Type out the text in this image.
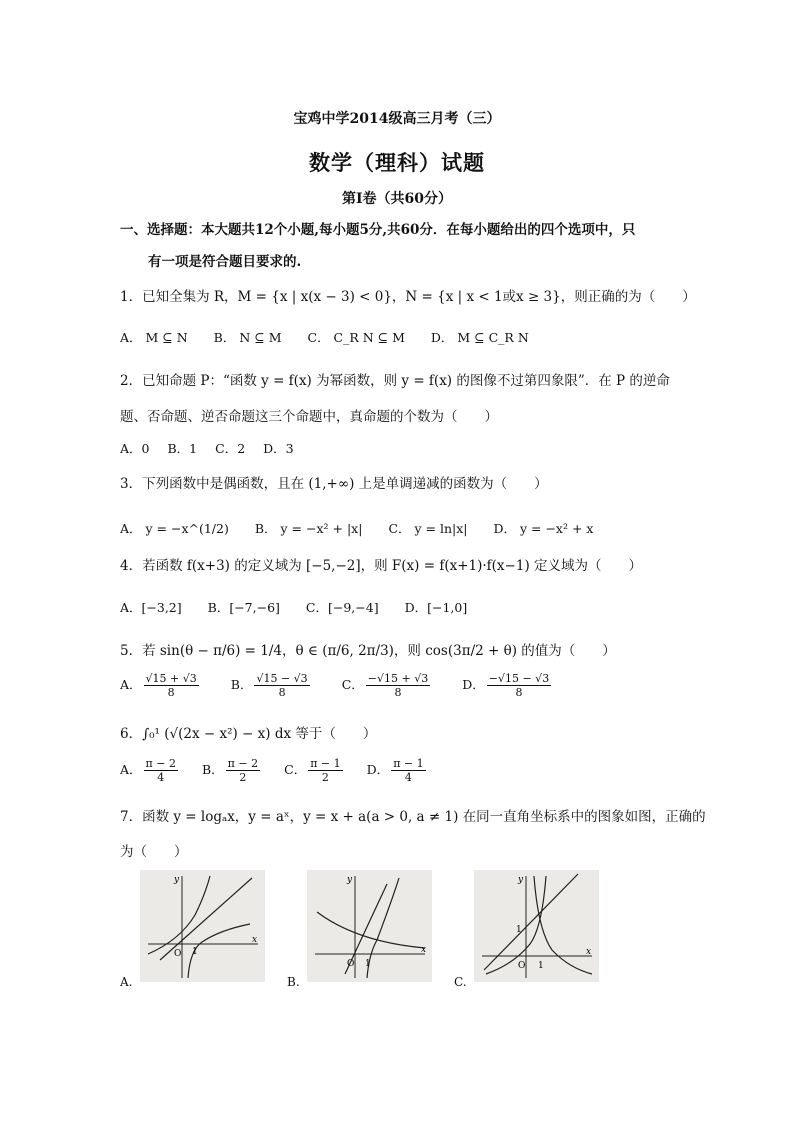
宝鸡中学2014级高三月考（三）
数学（理科）试题
第Ⅰ卷（共60分）
一、选择题：本大题共12个小题,每小题5分,共60分．在每小题给出的四个选项中，只
有一项是符合题目要求的.
1．已知全集为 R，M = {x | x(x − 3) < 0}，N = {x | x < 1或x ≥ 3}，则正确的为（　　）
A． M ⊆ N B． N ⊆ M C． C_R N ⊆ M D． M ⊆ C_R N
2．已知命题 P：“函数 y = f(x) 为幂函数，则 y = f(x) 的图像不过第四象限”．在 P 的逆命
题、否命题、逆否命题这三个命题中，真命题的个数为（　　）
A．0 B．1 C．2 D．3
3．下列函数中是偶函数，且在 (1,+∞) 上是单调递减的函数为（　　）
A． y = −x^(1/2) B． y = −x² + |x| C． y = ln|x| D． y = −x² + x
4．若函数 f(x+3) 的定义域为 [−5,−2]，则 F(x) = f(x+1)·f(x−1) 定义域为（　　）
A．[−3,2] B．[−7,−6] C．[−9,−4] D．[−1,0]
5．若 sin(θ − π/6) = 1/4，θ ∈ (π/6, 2π/3)，则 cos(3π/2 + θ) 的值为（　　）
A． $\frac{√15 + √3}{8}$	B． $\frac{√15 - √3}{8}$	C． $\frac{-√15 + √3}{8}$	D． $\frac{-√15 - √3}{8}$
6．∫₀¹ (√(2x − x²) − x) dx 等于（　　）
A． $\frac{\pi - 2}{4}$ B． $\frac{\pi - 2}{2}$ C． $\frac{\pi - 1}{2}$ D． $\frac{\pi - 1}{4}$
7．函数 y = logₐx，y = aˣ，y = x + a(a > 0, a ≠ 1) 在同一直角坐标系中的图象如图，正确的
为（　　）
A.
O 1
x
y
B.
O 1
x
y
C.
O 1
1
x
y
